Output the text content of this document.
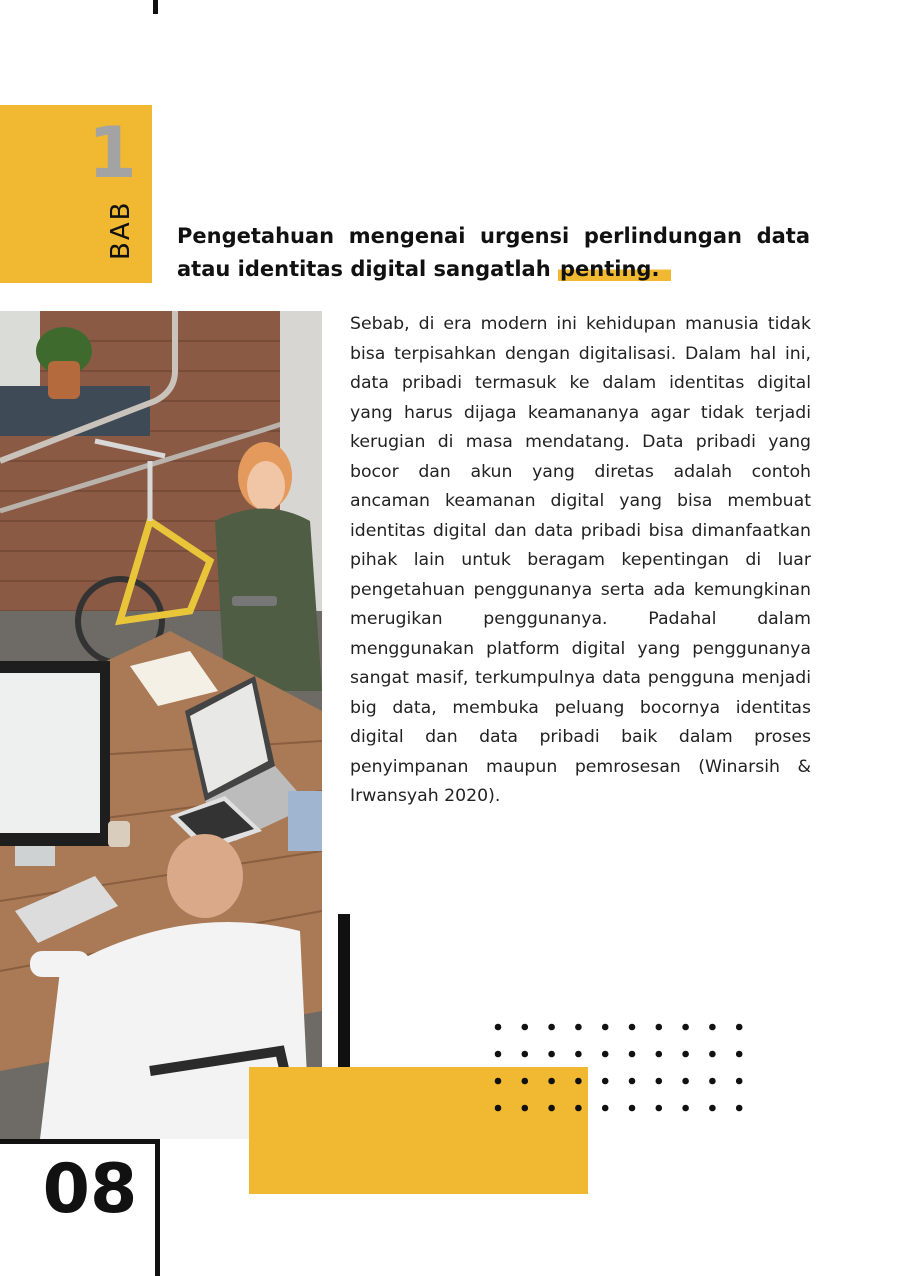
1
BAB Pengetahuan mengenai urgensi perlindungan data atau identitas digital sangatlah penting.

Sebab, di era modern ini kehidupan manusia tidak bisa terpisahkan dengan digitalisasi. Dalam hal ini, data pribadi termasuk ke dalam identitas digital yang harus dijaga keamananya agar tidak terjadi kerugian di masa mendatang. Data pribadi yang bocor dan akun yang diretas adalah contoh ancaman keamanan digital yang bisa membuat identitas digital dan data pribadi bisa dimanfaatkan pihak lain untuk beragam kepentingan di luar pengetahuan penggunanya serta ada kemungkinan merugikan penggunanya. Padahal dalam menggunakan platform digital yang penggunanya sangat masif, terkumpulnya data pengguna menjadi big data, membuka peluang bocornya identitas digital dan data pribadi baik dalam proses penyimpanan maupun pemrosesan (Winarsih & Irwansyah 2020).

08
